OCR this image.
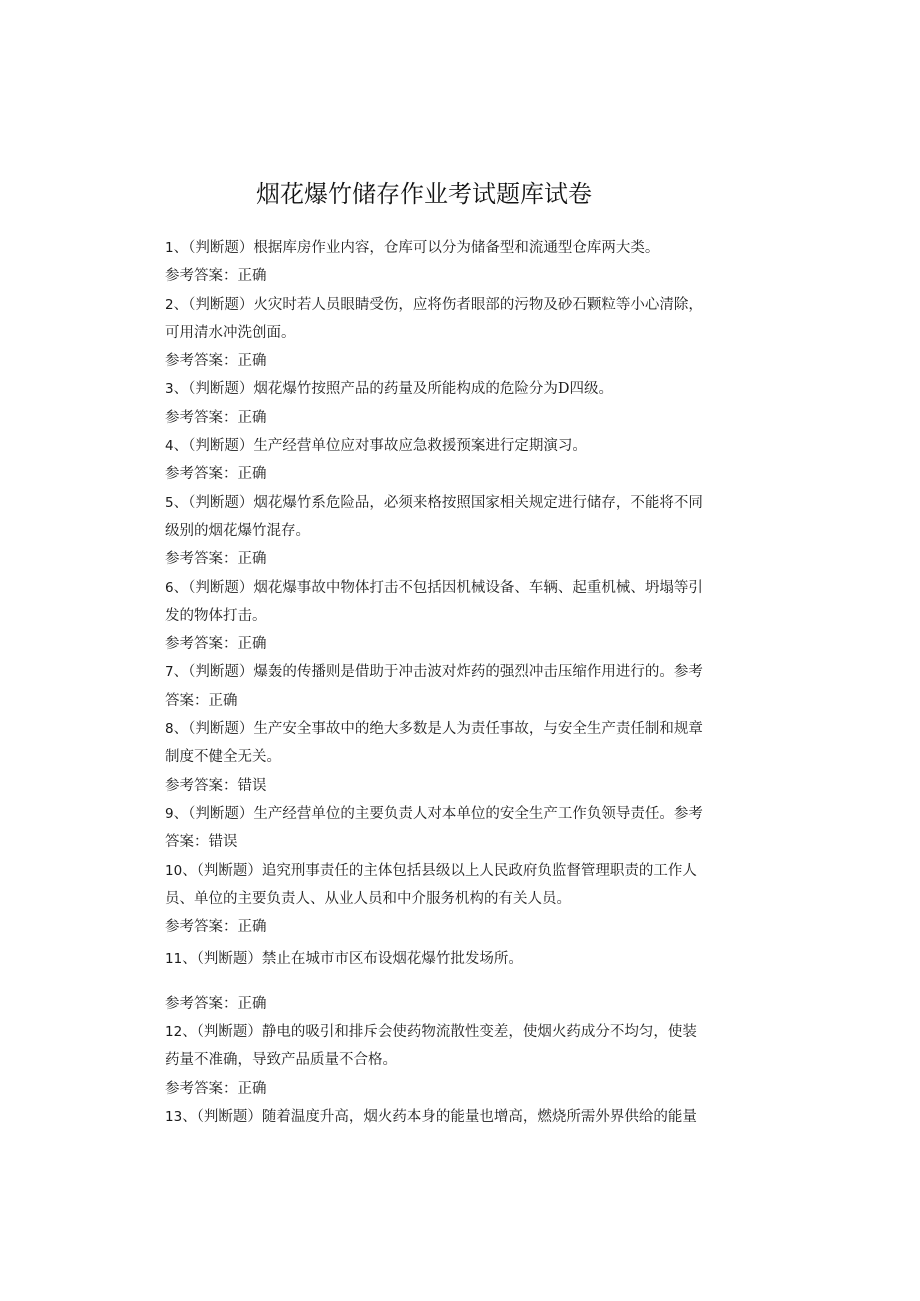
烟花爆竹储存作业考试题库试卷
1、（判断题）根据库房作业内容，仓库可以分为储备型和流通型仓库两大类。
参考答案：正确
2、（判断题）火灾时若人员眼睛受伤，应将伤者眼部的污物及砂石颗粒等小心清除，
可用清水冲洗创面。
参考答案：正确
3、（判断题）烟花爆竹按照产品的药量及所能构成的危险分为D四级。
参考答案：正确
4、（判断题）生产经营单位应对事故应急救援预案进行定期演习。
参考答案：正确
5、（判断题）烟花爆竹系危险品，必须来格按照国家相关规定进行储存，不能将不同
级别的烟花爆竹混存。
参考答案：正确
6、（判断题）烟花爆事故中物体打击不包括因机械设备、车辆、起重机械、坍塌等引
发的物体打击。
参考答案：正确
7、（判断题）爆轰的传播则是借助于冲击波对炸药的强烈冲击压缩作用进行的。参考
答案：正确
8、（判断题）生产安全事故中的绝大多数是人为责任事故，与安全生产责任制和规章
制度不健全无关。
参考答案：错误
9、（判断题）生产经营单位的主要负责人对本单位的安全生产工作负领导责任。参考
答案：错误
10、（判断题）追究刑事责任的主体包括县级以上人民政府负监督管理职责的工作人
员、单位的主要负责人、从业人员和中介服务机构的有关人员。
参考答案：正确
11、（判断题）禁止在城市市区布设烟花爆竹批发场所。
参考答案：正确
12、（判断题）静电的吸引和排斥会使药物流散性变差，使烟火药成分不均匀，使装
药量不准确，导致产品质量不合格。
参考答案：正确
13、（判断题）随着温度升高，烟火药本身的能量也增高，燃烧所需外界供给的能量
